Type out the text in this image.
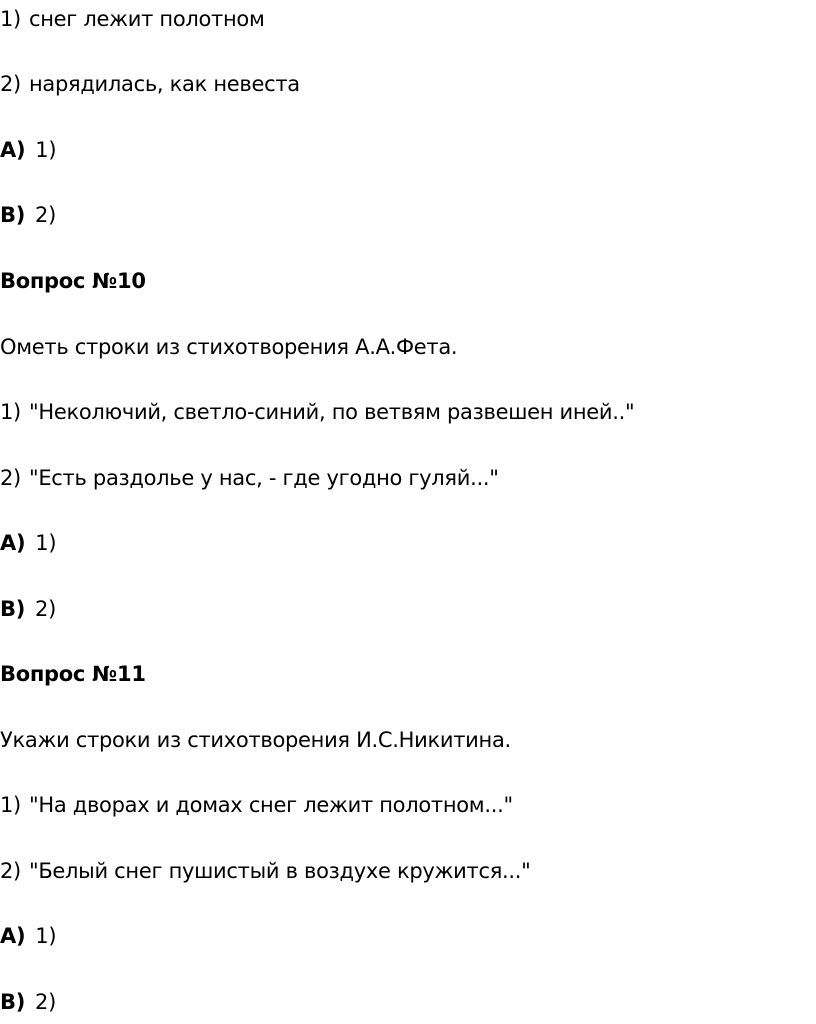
1) снег лежит полотном
2) нарядилась, как невеста
A) 1)
B) 2)
Вопрос №10
Ометь строки из стихотворения А.А.Фета.
1) "Неколючий, светло-синий, по ветвям развешен иней.."
2) "Есть раздолье у нас, - где угодно гуляй..."
A) 1)
B) 2)
Вопрос №11
Укажи строки из стихотворения И.С.Никитина.
1) "На дворах и домах снег лежит полотном..."
2) "Белый снег пушистый в воздухе кружится..."
A) 1)
B) 2)
